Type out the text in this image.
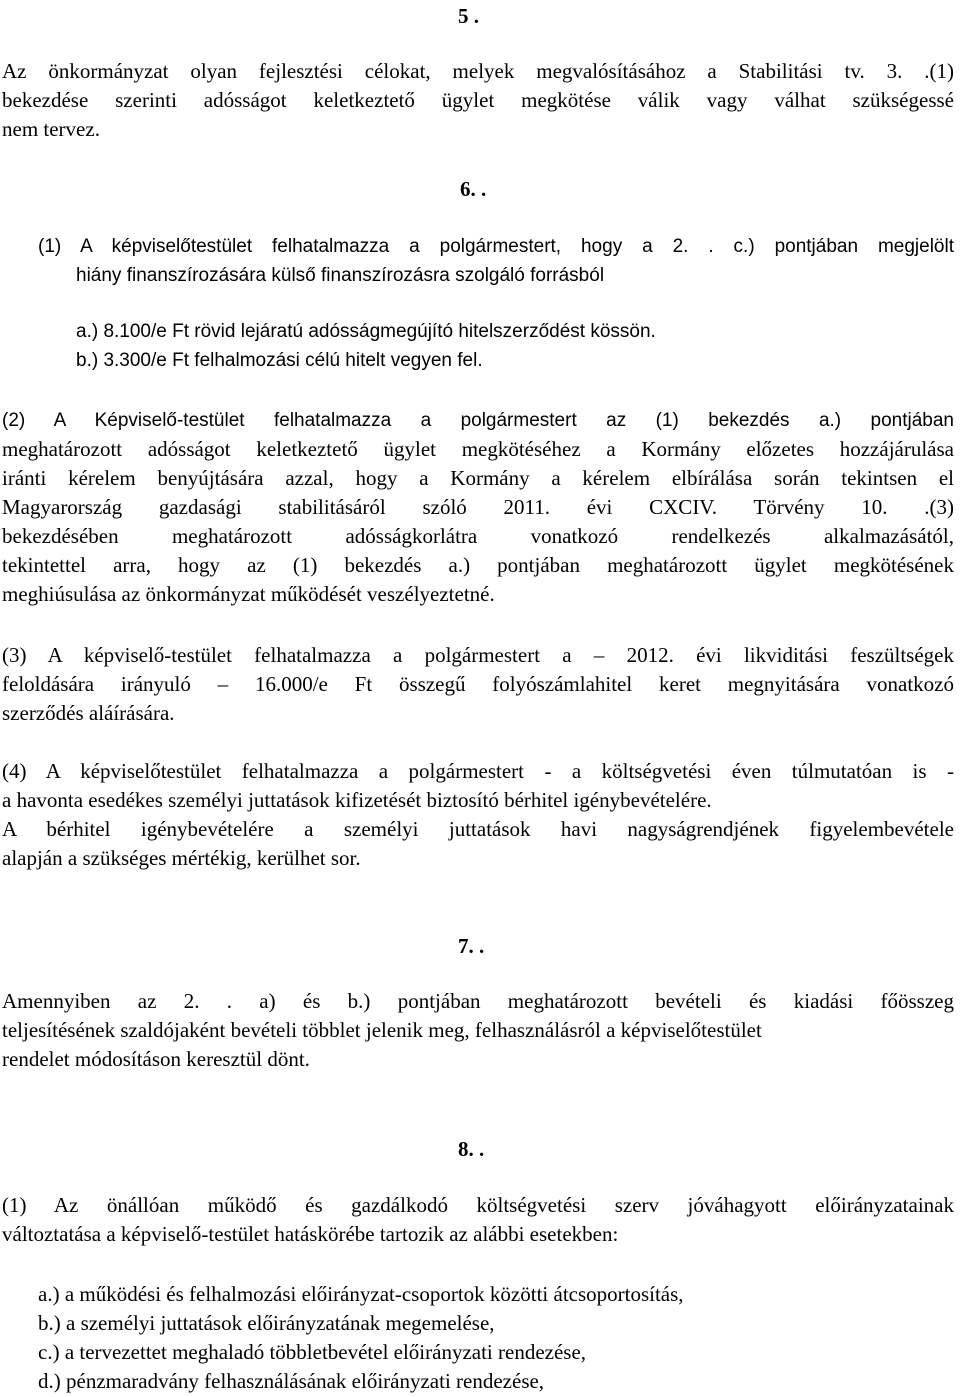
5 .
Az önkormányzat olyan fejlesztési célokat, melyek megvalósításához a Stabilitási tv. 3. .(1)
bekezdése szerinti adósságot keletkeztető ügylet megkötése válik vagy válhat szükségessé
nem tervez.
6. .
(1) A képviselőtestület felhatalmazza a polgármestert, hogy a 2. . c.) pontjában megjelölt
hiány finanszírozására külső finanszírozásra szolgáló forrásból
a.) 8.100/e Ft rövid lejáratú adósságmegújító hitelszerződést kössön.
b.) 3.300/e Ft felhalmozási célú hitelt vegyen fel.
(2) A Képviselő-testület felhatalmazza a polgármestert az (1) bekezdés a.) pontjában
meghatározott adósságot keletkeztető ügylet megkötéséhez a Kormány előzetes hozzájárulása
iránti kérelem benyújtására azzal, hogy a Kormány a kérelem elbírálása során tekintsen el
Magyarország gazdasági stabilitásáról szóló 2011. évi CXCIV. Törvény 10. .(3)
bekezdésében meghatározott adósságkorlátra vonatkozó rendelkezés alkalmazásától,
tekintettel arra, hogy az (1) bekezdés a.) pontjában meghatározott ügylet megkötésének
meghiúsulása az önkormányzat működését veszélyeztetné.
(3) A képviselő-testület felhatalmazza a polgármestert a – 2012. évi likviditási feszültségek
feloldására irányuló – 16.000/e Ft összegű folyószámlahitel keret megnyitására vonatkozó
szerződés aláírására.
(4) A képviselőtestület felhatalmazza a polgármestert - a költségvetési éven túlmutatóan is -
a havonta esedékes személyi juttatások kifizetését biztosító bérhitel igénybevételére.
A bérhitel igénybevételére a személyi juttatások havi nagyságrendjének figyelembevétele
alapján a szükséges mértékig, kerülhet sor.
7. .
Amennyiben az 2. . a) és b.) pontjában meghatározott bevételi és kiadási főösszeg
teljesítésének szaldójaként bevételi többlet jelenik meg, felhasználásról a képviselőtestület
rendelet módosításon keresztül dönt.
8. .
(1) Az önállóan működő és gazdálkodó költségvetési szerv jóváhagyott előirányzatainak
változtatása a képviselő-testület hatáskörébe tartozik az alábbi esetekben:
a.) a működési és felhalmozási előirányzat-csoportok közötti átcsoportosítás,
b.) a személyi juttatások előirányzatának megemelése,
c.) a tervezettet meghaladó többletbevétel előirányzati rendezése,
d.) pénzmaradvány felhasználásának előirányzati rendezése,
